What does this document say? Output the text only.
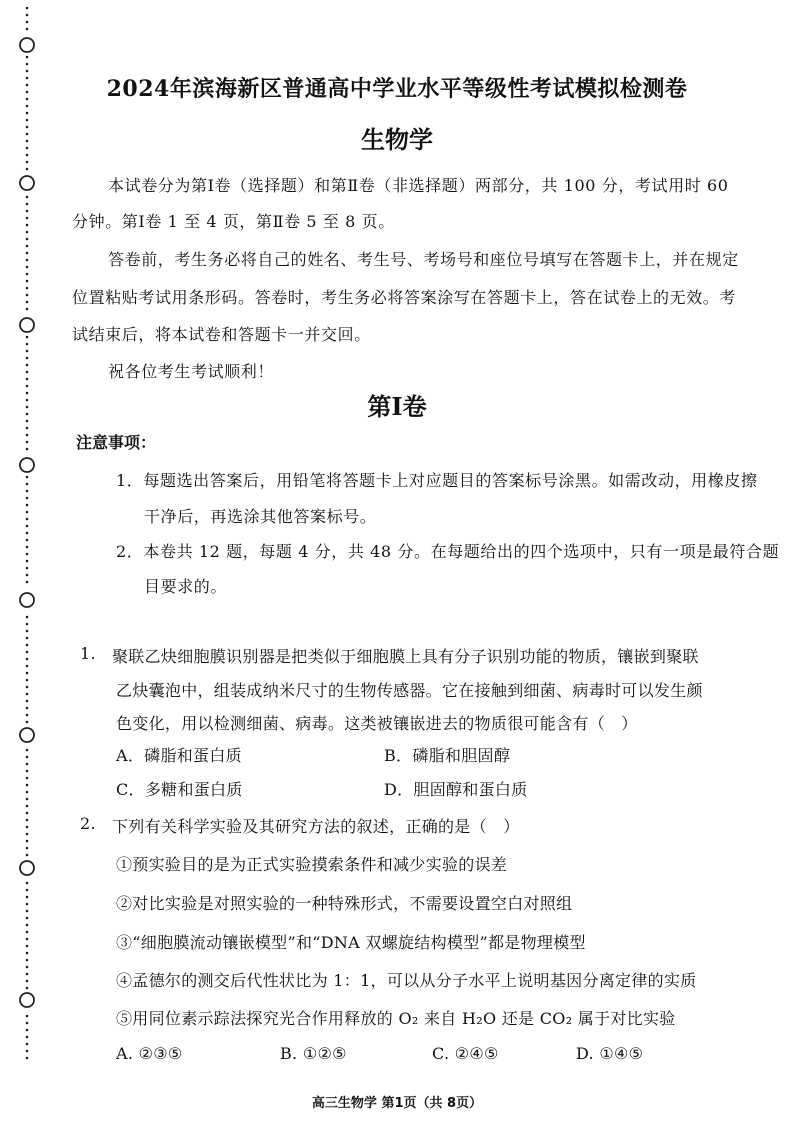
2024年滨海新区普通高中学业水平等级性考试模拟检测卷
生物学
本试卷分为第Ⅰ卷（选择题）和第Ⅱ卷（非选择题）两部分，共 100 分，考试用时 60
分钟。第Ⅰ卷 1 至 4 页，第Ⅱ卷 5 至 8 页。
答卷前，考生务必将自己的姓名、考生号、考场号和座位号填写在答题卡上，并在规定
位置粘贴考试用条形码。答卷时，考生务必将答案涂写在答题卡上，答在试卷上的无效。考
试结束后，将本试卷和答题卡一并交回。
祝各位考生考试顺利！
第Ⅰ卷
注意事项：
1．每题选出答案后，用铅笔将答题卡上对应题目的答案标号涂黑。如需改动，用橡皮擦
干净后，再选涂其他答案标号。
2．本卷共 12 题，每题 4 分，共 48 分。在每题给出的四个选项中，只有一项是最符合题
目要求的。
1. 聚联乙炔细胞膜识别器是把类似于细胞膜上具有分子识别功能的物质，镶嵌到聚联
乙炔囊泡中，组装成纳米尺寸的生物传感器。它在接触到细菌、病毒时可以发生颜
色变化，用以检测细菌、病毒。这类被镶嵌进去的物质很可能含有（　）
A．磷脂和蛋白质	B．磷脂和胆固醇
C．多糖和蛋白质	D．胆固醇和蛋白质
2. 下列有关科学实验及其研究方法的叙述，正确的是（　）
①预实验目的是为正式实验摸索条件和减少实验的误差
②对比实验是对照实验的一种特殊形式，不需要设置空白对照组
③“细胞膜流动镶嵌模型”和“DNA 双螺旋结构模型”都是物理模型
④孟德尔的测交后代性状比为 1：1，可以从分子水平上说明基因分离定律的实质
⑤用同位素示踪法探究光合作用释放的 O₂ 来自 H₂O 还是 CO₂ 属于对比实验
A. ②③⑤	B. ①②⑤	C. ②④⑤	D. ①④⑤
高三生物学 第1页（共 8页）
